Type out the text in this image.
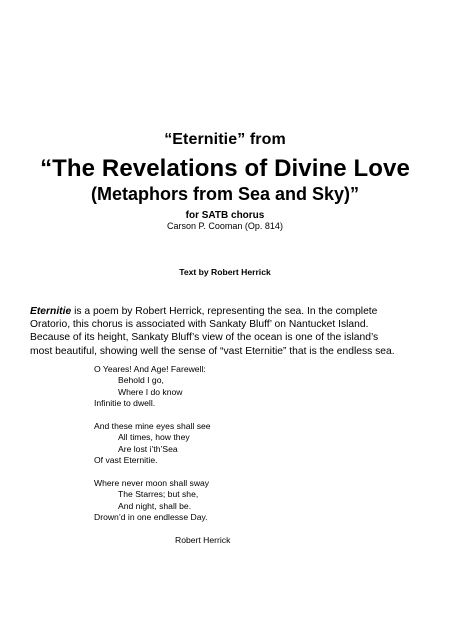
“Eternitie” from
“The Revelations of Divine Love
(Metaphors from Sea and Sky)”
for SATB chorus
Carson P. Cooman (Op. 814)
Text by Robert Herrick
Eternitie is a poem by Robert Herrick, representing the sea. In the complete
Oratorio, this chorus is associated with Sankaty Bluff’ on Nantucket Island.
Because of its height, Sankaty Bluff’s view of the ocean is one of the island’s
most beautiful, showing well the sense of “vast Eternitie” that is the endless sea.
O Yeares! And Age! Farewell:
Behold I go,
Where I do know
Infinitie to dwell.
And these mine eyes shall see
All times, how they
Are lost i’th’Sea
Of vast Eternitie.
Where never moon shall sway
The Starres; but she,
And night, shall be.
Drown’d in one endlesse Day.
Robert Herrick
